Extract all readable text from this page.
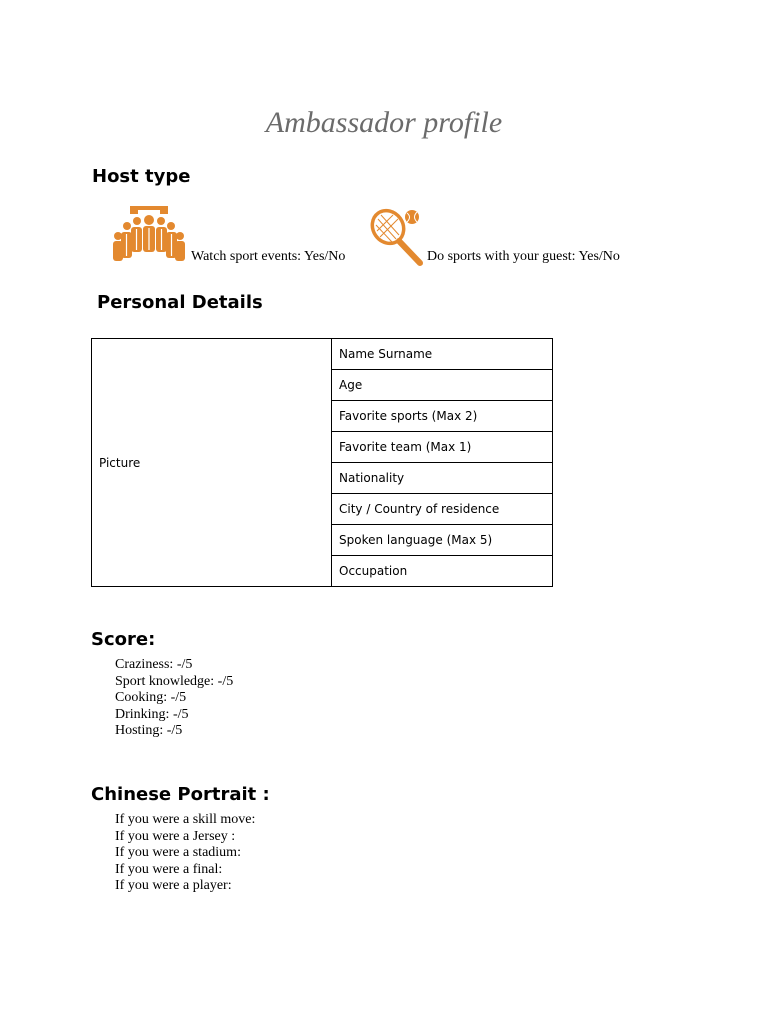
Ambassador profile
Host type
Watch sport events: Yes/No	Do sports with your guest: Yes/No
Personal Details
Picture	Name Surname
Age
Favorite sports (Max 2)
Favorite team (Max 1)
Nationality
City / Country of residence
Spoken language (Max 5)
Occupation
Score:
Craziness: -/5
Sport knowledge: -/5
Cooking: -/5
Drinking: -/5
Hosting: -/5
Chinese Portrait :
If you were a skill move:
If you were a Jersey :
If you were a stadium:
If you were a final:
If you were a player:
